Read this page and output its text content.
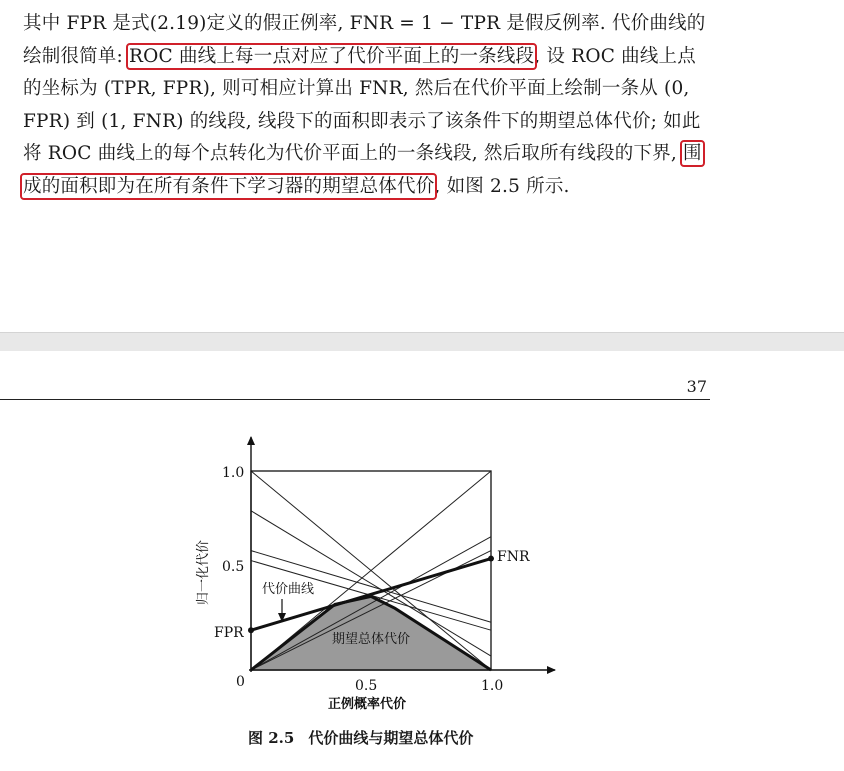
其中 FPR 是式(2.19)定义的假正例率, FNR = 1 − TPR 是假反例率. 代价曲线的绘制很简单: ROC 曲线上每一点对应了代价平面上的一条线段, 设 ROC 曲线上点的坐标为 (TPR, FPR), 则可相应计算出 FNR, 然后在代价平面上绘制一条从 (0, FPR) 到 (1, FNR) 的线段, 线段下的面积即表示了该条件下的期望总体代价; 如此将 ROC 曲线上的每个点转化为代价平面上的一条线段, 然后取所有线段的下界, 围成的面积即为在所有条件下学习器的期望总体代价, 如图 2.5 所示.
37
1.0
0.5
0	0.5	1.0
归一化代价
正例概率代价
FPR
FNR
代价曲线
期望总体代价
图 2.5 代价曲线与期望总体代价
